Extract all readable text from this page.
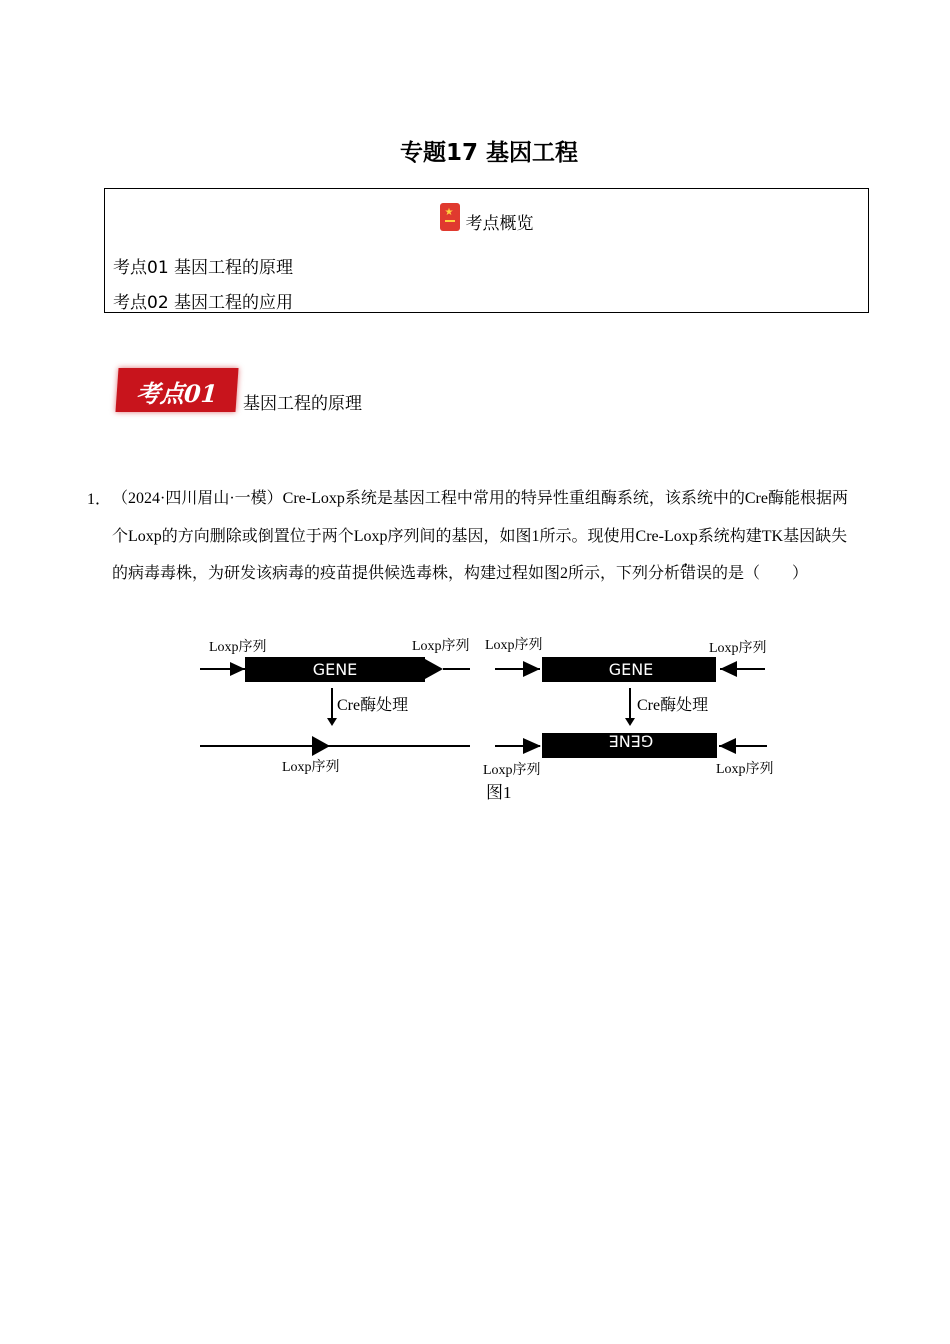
专题17 基因工程
★考点概览
考点01 基因工程的原理
考点02 基因工程的应用
考点01	基因工程的原理
1． （2024·四川眉山·一模）Cre-Loxp系统是基因工程中常用的特异性重组酶系统，该系统中的Cre酶能根据两个Loxp的方向删除或倒置位于两个Loxp序列间的基因，如图1所示。现使用Cre-Loxp系统构建TK基因缺失的病毒毒株，为研发该病毒的疫苗提供候选毒株，构建过程如图2所示，下列分析错误的是（　　）
Loxp序列	Loxp序列
GENE
Cre酶处理
Loxp序列
Loxp序列	Loxp序列
GENE
Cre酶处理
GENE
Loxp序列	Loxp序列
图1
